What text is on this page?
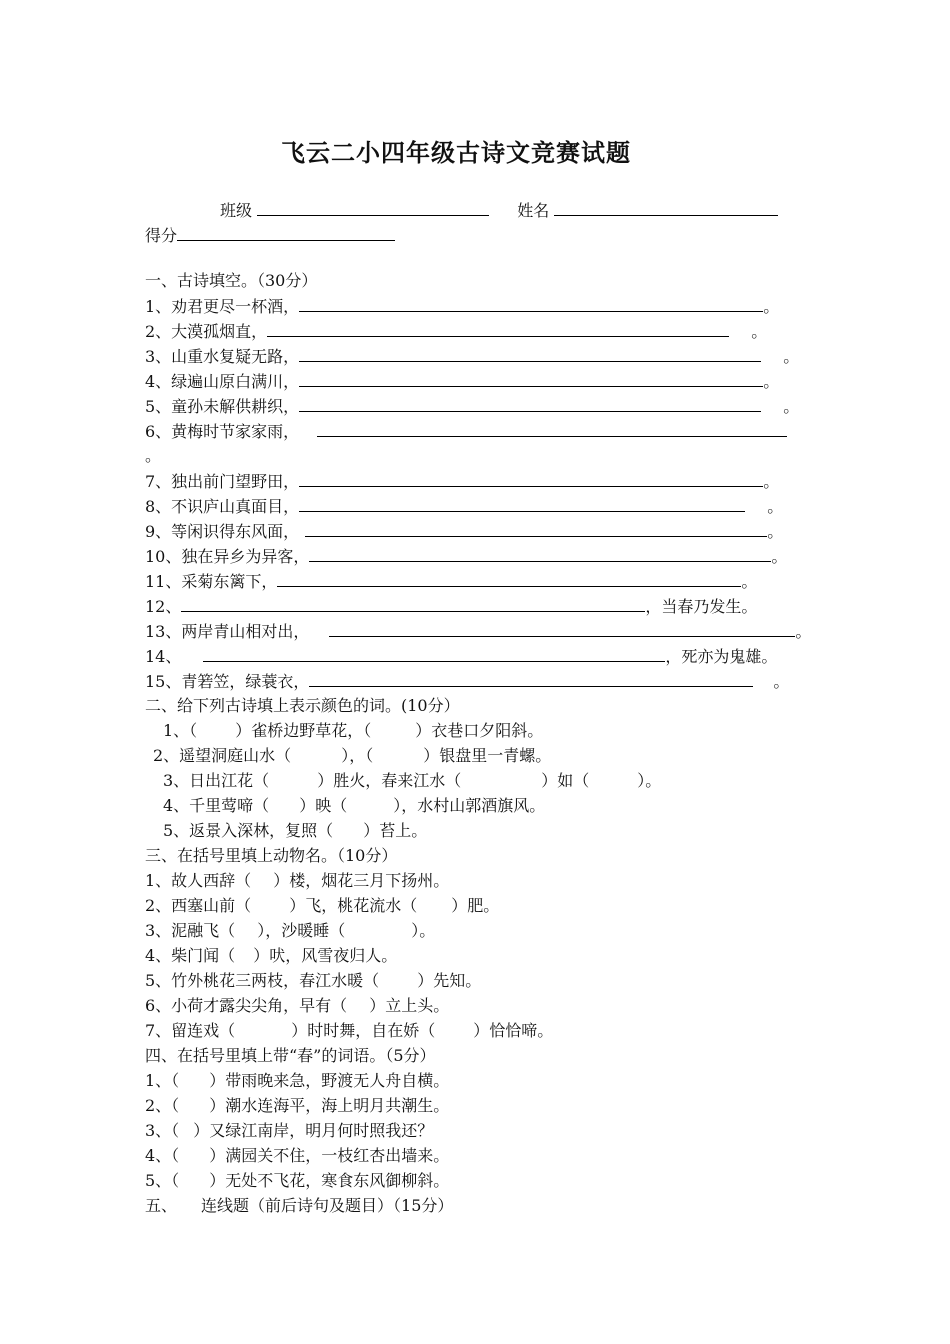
飞云二小四年级古诗文竞赛试题
班级	姓名
得分
一、古诗填空。（30分）
1、劝君更尽一杯酒，	。
2、大漠孤烟直，	。
3、山重水复疑无路，	。
4、绿遍山原白满川，	。
5、童孙未解供耕织，	。
6、黄梅时节家家雨，
。
7、独出前门望野田，	。
8、不识庐山真面目，	。
9、等闲识得东风面，	。
10、独在异乡为异客，	。
11、采菊东篱下，	。
12、	，当春乃发生。
13、两岸青山相对出，	。
14、	，死亦为鬼雄。
15、青箬笠，绿蓑衣，	。
二、给下列古诗填上表示颜色的词。(10分）
1、（ ）雀桥边野草花，（	）衣巷口夕阳斜。
2、遥望洞庭山水（	），（	）银盘里一青螺。
3、日出江花（	）胜火，春来江水（	）如（	）。
4、千里莺啼（ ）映（	），水村山郭酒旗风。
5、返景入深林，复照（ ）苔上。
三、在括号里填上动物名。（10分）
1、故人西辞（ ）楼，烟花三月下扬州。
2、西塞山前（ ）飞，桃花流水（ ）肥。
3、泥融飞（ ），沙暖睡（	）。
4、柴门闻（ ）吠，风雪夜归人。
5、竹外桃花三两枝，春江水暖（ ）先知。
6、小荷才露尖尖角，早有（ ）立上头。
7、留连戏（	）时时舞，自在娇（ ）恰恰啼。
四、在括号里填上带“春”的词语。（5分）
1、（ ）带雨晚来急，野渡无人舟自横。
2、（ ）潮水连海平，海上明月共潮生。
3、（ ）又绿江南岸，明月何时照我还？
4、（ ）满园关不住，一枝红杏出墙来。
5、（ ）无处不飞花，寒食东风御柳斜。
五、 连线题（前后诗句及题目）（15分）
